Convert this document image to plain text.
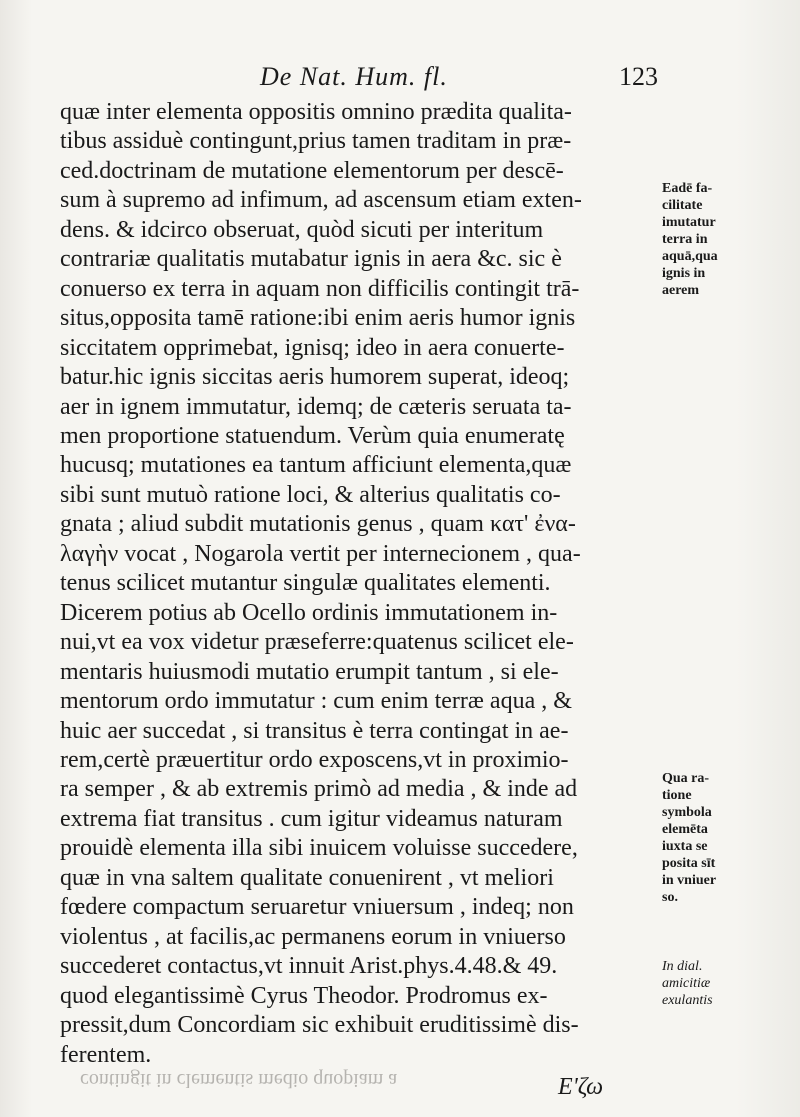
De Nat. Hum. fl.	123
quæ inter elementa oppositis omnino prædita qualita-
tibus assiduè contingunt,prius tamen traditam in præ-
ced.doctrinam de mutatione elementorum per descē-
sum à supremo ad infimum, ad ascensum etiam exten-
dens. & idcirco obseruat, quòd sicuti per interitum
contrariæ qualitatis mutabatur ignis in aera &c. sic è
conuerso ex terra in aquam non difficilis contingit trā-
situs,opposita tamē ratione:ibi enim aeris humor ignis
siccitatem opprimebat, ignisq; ideo in aera conuerte-
batur.hic ignis siccitas aeris humorem superat, ideoq;
aer in ignem immutatur, idemq; de cæteris seruata ta-
men proportione statuendum. Verùm quia enumeratę
hucusq; mutationes ea tantum afficiunt elementa,quæ
sibi sunt mutuò ratione loci, & alterius qualitatis co-
gnata ; aliud subdit mutationis genus , quam κατ' ἐνα-
λαγὴν vocat , Nogarola vertit per internecionem , qua-
tenus scilicet mutantur singulæ qualitates elementi.
Dicerem potius ab Ocello ordinis immutationem in-
nui,vt ea vox videtur præseferre:quatenus scilicet ele-
mentaris huiusmodi mutatio erumpit tantum , si ele-
mentorum ordo immutatur : cum enim terræ aqua , &
huic aer succedat , si transitus è terra contingat in ae-
rem,certè præuertitur ordo exposcens,vt in proximio-
ra semper , & ab extremis primò ad media , & inde ad
extrema fiat transitus . cum igitur videamus naturam
prouidè elementa illa sibi inuicem voluisse succedere,
quæ in vna saltem qualitate conuenirent , vt meliori
fœdere compactum seruaretur vniuersum , indeq; non
violentus , at facilis,ac permanens eorum in vniuerso
succederet contactus,vt innuit Arist.phys.4.48.& 49.
quod elegantissimè Cyrus Theodor. Prodromus ex-
pressit,dum Concordiam sic exhibuit eruditissimè dis-
ferentem.
Eadē fa-
cilitate
imutatur
terra in
aquā,qua
ignis in
aerem
Qua ra-
tione
symbola
elemēta
iuxta se
posita sīt
in vniuer
so.
In dial.
amicitiæ
exulantis
contingit in clementis medio quopiam a	E'ζω
